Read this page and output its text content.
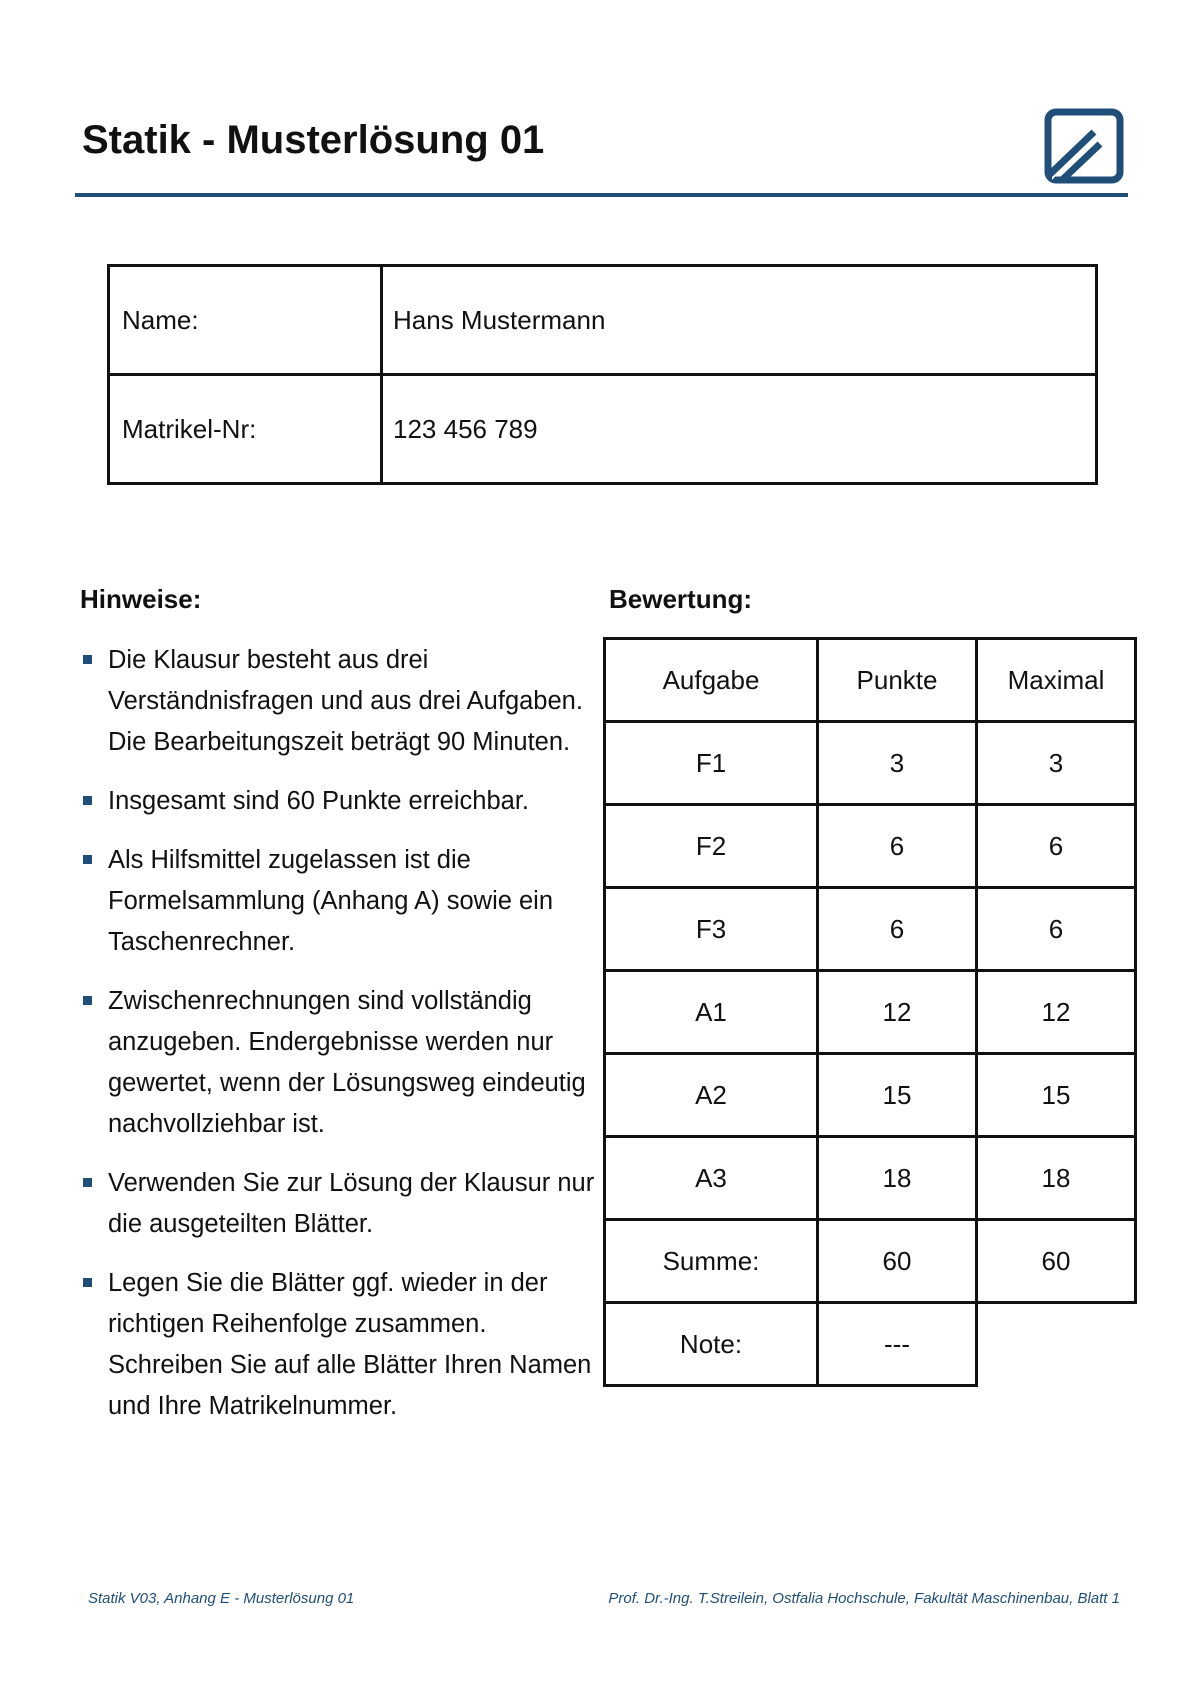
Statik - Musterlösung 01
Name:	Hans Mustermann
Matrikel-Nr:	123 456 789
Hinweise:	Bewertung:
Die Klausur besteht aus drei Verständnisfragen und aus drei Aufgaben. Die Bearbeitungszeit beträgt 90 Minuten.
Insgesamt sind 60 Punkte erreichbar.
Als Hilfsmittel zugelassen ist die Formelsammlung (Anhang A) sowie ein Taschenrechner.
Zwischenrechnungen sind vollständig anzugeben. Endergebnisse werden nur gewertet, wenn der Lösungsweg eindeutig nachvollziehbar ist.
Verwenden Sie zur Lösung der Klausur nur die ausgeteilten Blätter.
Legen Sie die Blätter ggf. wieder in der richtigen Reihenfolge zusammen. Schreiben Sie auf alle Blätter Ihren Namen und Ihre Matrikelnummer.
Aufgabe	Punkte	Maximal
F1	3	3
F2	6	6
F3	6	6
A1	12	12
A2	15	15
A3	18	18
Summe:	60	60
Note:	---	
Statik V03, Anhang E - Musterlösung 01	Prof. Dr.-Ing. T.Streilein, Ostfalia Hochschule, Fakultät Maschinenbau, Blatt 1
